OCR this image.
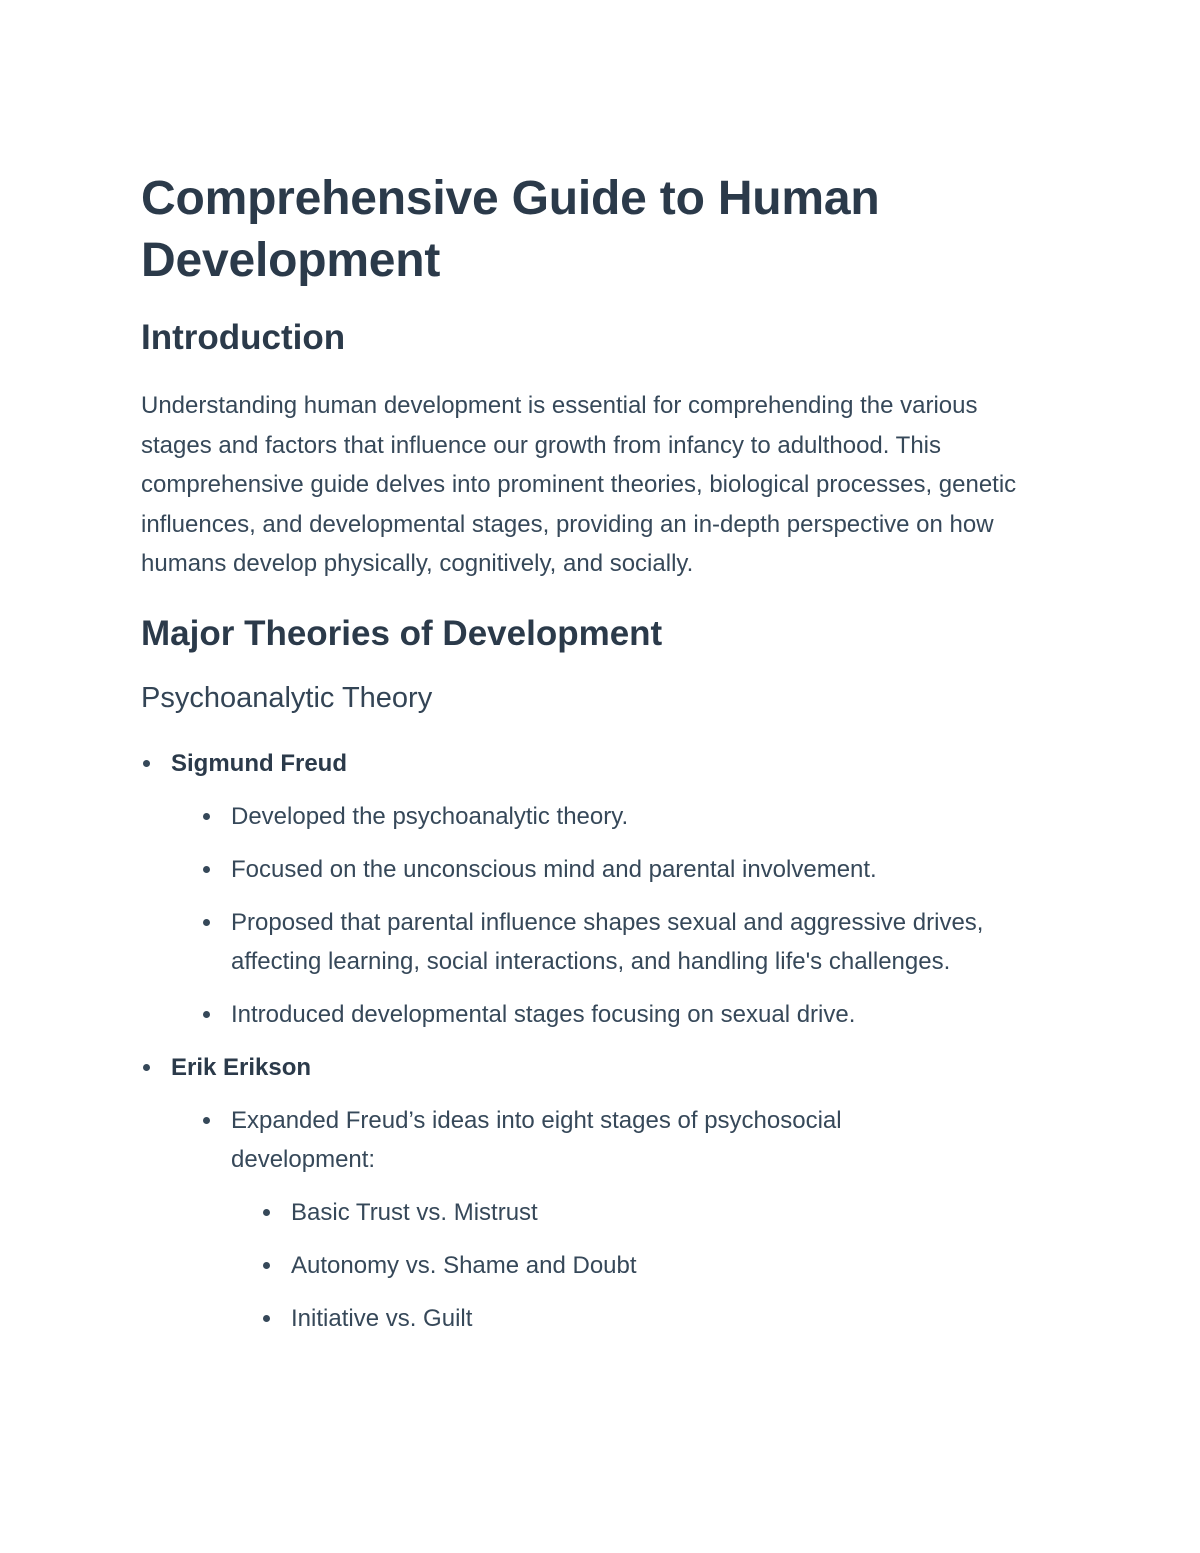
Comprehensive Guide to Human Development
Introduction

Understanding human development is essential for comprehending the various stages and factors that influence our growth from infancy to adulthood. This comprehensive guide delves into prominent theories, biological processes, genetic influences, and developmental stages, providing an in-depth perspective on how humans develop physically, cognitively, and socially.

Major Theories of Development
Psychoanalytic Theory
Sigmund Freud
Developed the psychoanalytic theory.
Focused on the unconscious mind and parental involvement.
Proposed that parental influence shapes sexual and aggressive drives, affecting learning, social interactions, and handling life's challenges.
Introduced developmental stages focusing on sexual drive.
Erik Erikson
Expanded Freud’s ideas into eight stages of psychosocial development:
Basic Trust vs. Mistrust
Autonomy vs. Shame and Doubt
Initiative vs. Guilt
